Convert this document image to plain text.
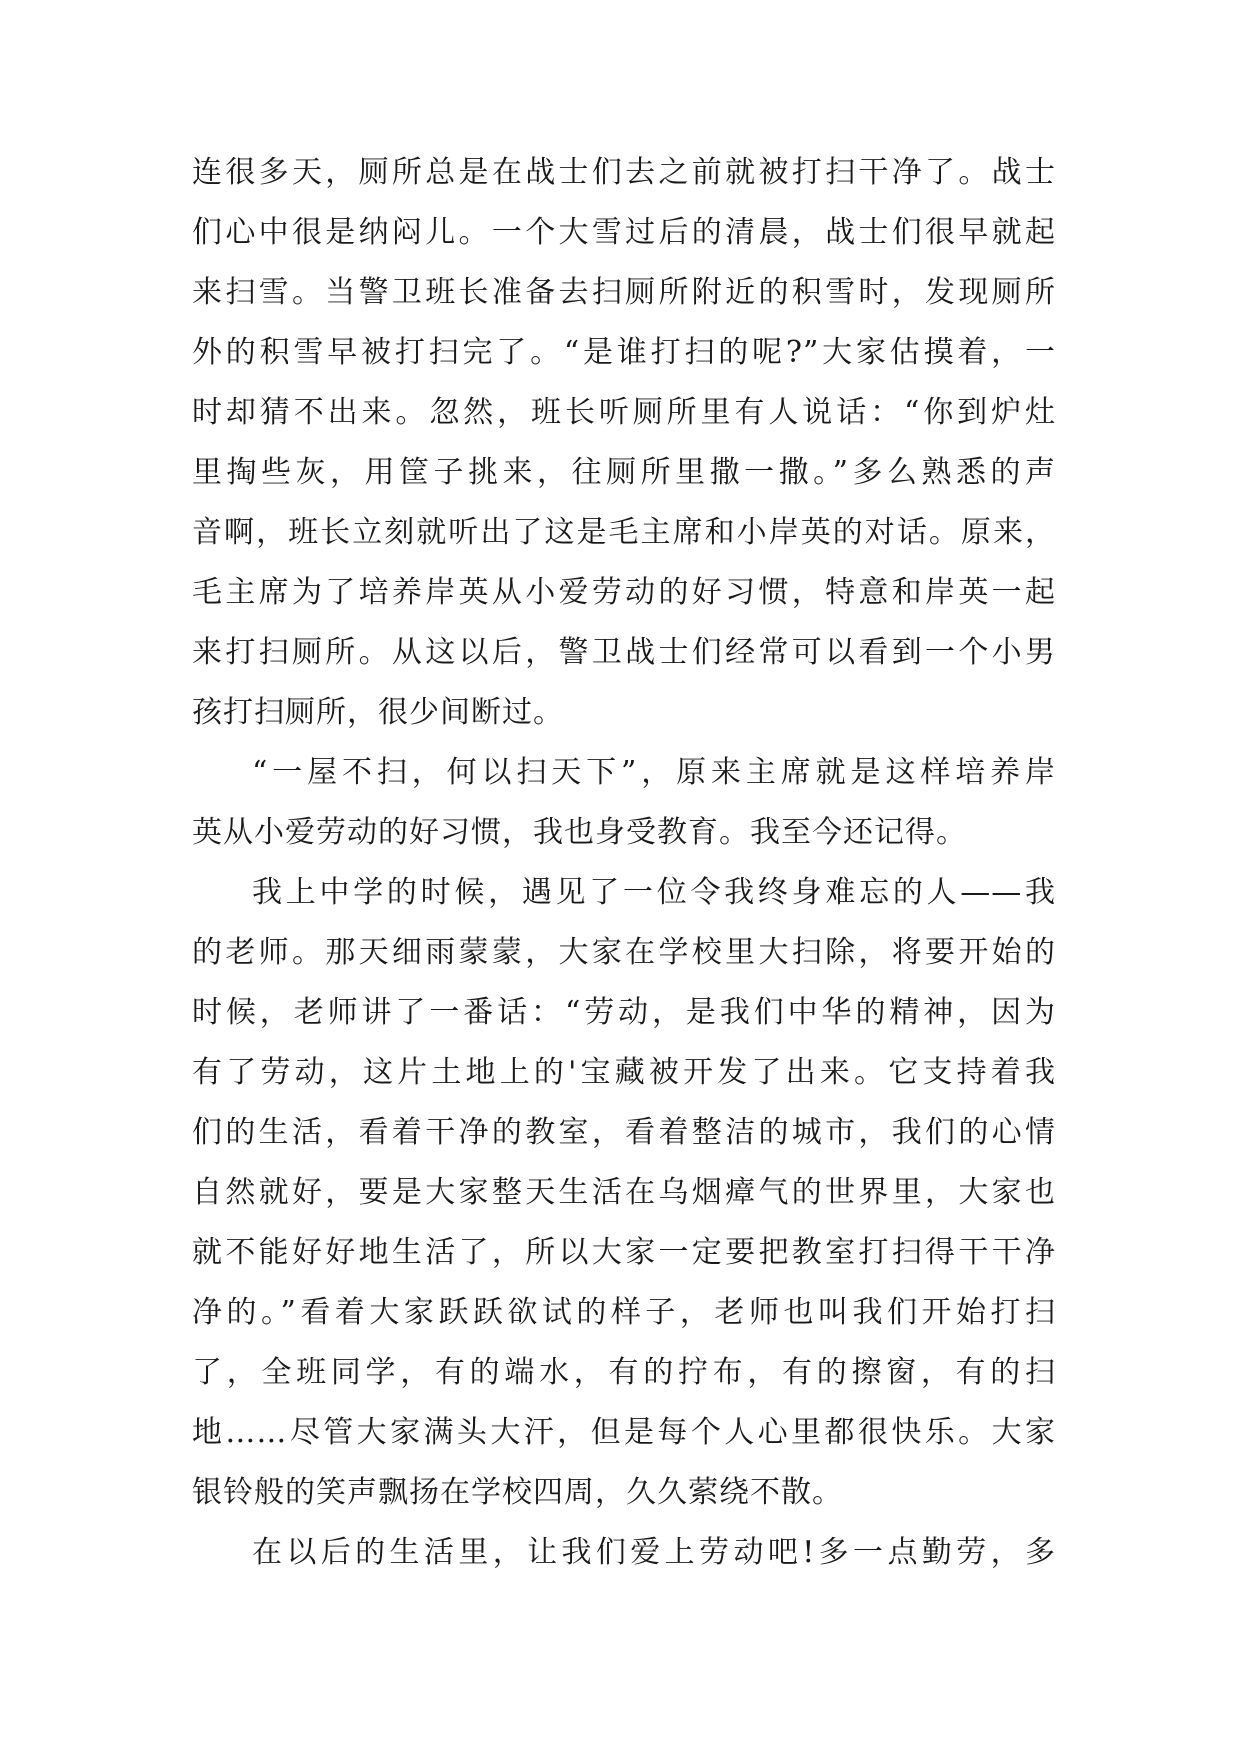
连很多天，厕所总是在战士们去之前就被打扫干净了。战士
们心中很是纳闷儿。一个大雪过后的清晨，战士们很早就起
来扫雪。当警卫班长准备去扫厕所附近的积雪时，发现厕所
外的积雪早被打扫完了。“是谁打扫的呢?”大家估摸着，一
时却猜不出来。忽然，班长听厕所里有人说话：“你到炉灶
里掏些灰，用筐子挑来，往厕所里撒一撒。”多么熟悉的声
音啊，班长立刻就听出了这是毛主席和小岸英的对话。原来，
毛主席为了培养岸英从小爱劳动的好习惯，特意和岸英一起
来打扫厕所。从这以后，警卫战士们经常可以看到一个小男
孩打扫厕所，很少间断过。
“一屋不扫，何以扫天下”，原来主席就是这样培养岸
英从小爱劳动的好习惯，我也身受教育。我至今还记得。
我上中学的时候，遇见了一位令我终身难忘的人——我
的老师。那天细雨蒙蒙，大家在学校里大扫除，将要开始的
时候，老师讲了一番话：“劳动，是我们中华的精神，因为
有了劳动，这片土地上的'宝藏被开发了出来。它支持着我
们的生活，看着干净的教室，看着整洁的城市，我们的心情
自然就好，要是大家整天生活在乌烟瘴气的世界里，大家也
就不能好好地生活了，所以大家一定要把教室打扫得干干净
净的。”看着大家跃跃欲试的样子，老师也叫我们开始打扫
了，全班同学，有的端水，有的拧布，有的擦窗，有的扫
地……尽管大家满头大汗，但是每个人心里都很快乐。大家
银铃般的笑声飘扬在学校四周，久久萦绕不散。
在以后的生活里，让我们爱上劳动吧!多一点勤劳，多
